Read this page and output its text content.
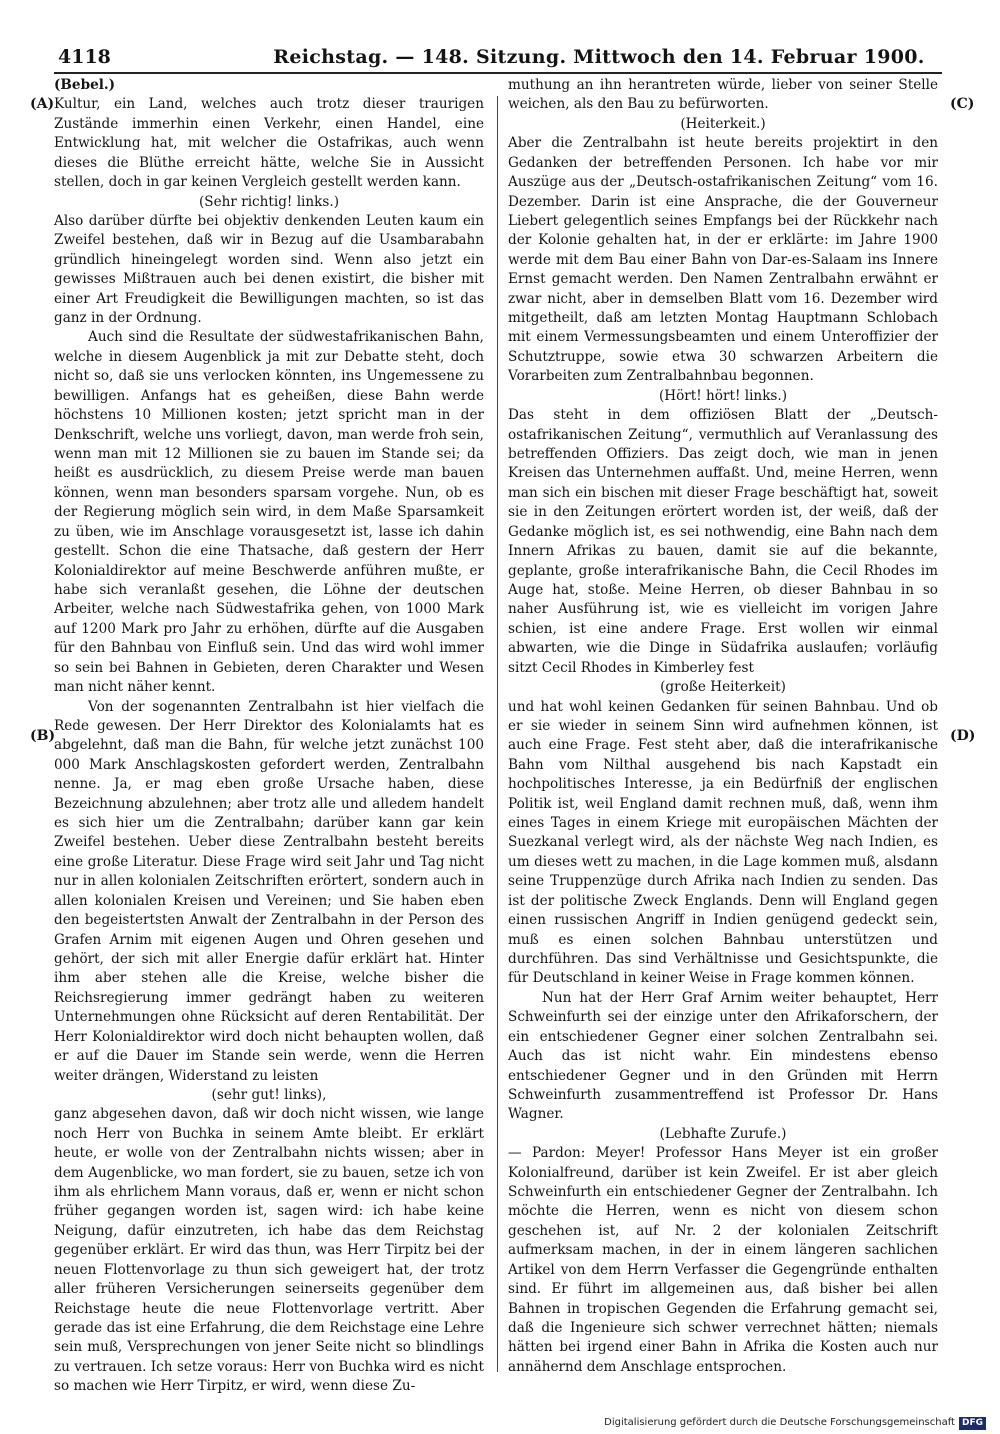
4118	Reichstag. — 148. Sitzung. Mittwoch den 14. Februar 1900.
(A)
(B)
(C)
(D)

(Bebel.)

Kultur, ein Land, welches auch trotz dieser traurigen Zustände immerhin einen Verkehr, einen Handel, eine Entwicklung hat, mit welcher die Ostafrikas, auch wenn dieses die Blüthe erreicht hätte, welche Sie in Aussicht stellen, doch in gar keinen Vergleich gestellt werden kann.

(Sehr richtig! links.)

Also darüber dürfte bei objektiv denkenden Leuten kaum ein Zweifel bestehen, daß wir in Bezug auf die Usambarabahn gründlich hineingelegt worden sind. Wenn also jetzt ein gewisses Mißtrauen auch bei denen existirt, die bisher mit einer Art Freudigkeit die Bewilligungen machten, so ist das ganz in der Ordnung.

Auch sind die Resultate der südwestafrikanischen Bahn, welche in diesem Augenblick ja mit zur Debatte steht, doch nicht so, daß sie uns verlocken könnten, ins Ungemessene zu bewilligen. Anfangs hat es geheißen, diese Bahn werde höchstens 10 Millionen kosten; jetzt spricht man in der Denkschrift, welche uns vorliegt, davon, man werde froh sein, wenn man mit 12 Millionen sie zu bauen im Stande sei; da heißt es ausdrücklich, zu diesem Preise werde man bauen können, wenn man besonders sparsam vorgehe. Nun, ob es der Regierung möglich sein wird, in dem Maße Sparsamkeit zu üben, wie im Anschlage vorausgesetzt ist, lasse ich dahin gestellt. Schon die eine Thatsache, daß gestern der Herr Kolonialdirektor auf meine Beschwerde anführen mußte, er habe sich veranlaßt gesehen, die Löhne der deutschen Arbeiter, welche nach Südwestafrika gehen, von 1000 Mark auf 1200 Mark pro Jahr zu erhöhen, dürfte auf die Ausgaben für den Bahnbau von Einfluß sein. Und das wird wohl immer so sein bei Bahnen in Gebieten, deren Charakter und Wesen man nicht näher kennt.

Von der sogenannten Zentralbahn ist hier vielfach die Rede gewesen. Der Herr Direktor des Kolonialamts hat es abgelehnt, daß man die Bahn, für welche jetzt zunächst 100 000 Mark Anschlagskosten gefordert werden, Zentralbahn nenne. Ja, er mag eben große Ursache haben, diese Bezeichnung abzulehnen; aber trotz alle und alledem handelt es sich hier um die Zentralbahn; darüber kann gar kein Zweifel bestehen. Ueber diese Zentralbahn besteht bereits eine große Literatur. Diese Frage wird seit Jahr und Tag nicht nur in allen kolonialen Zeitschriften erörtert, sondern auch in allen kolonialen Kreisen und Vereinen; und Sie haben eben den begeistertsten Anwalt der Zentralbahn in der Person des Grafen Arnim mit eigenen Augen und Ohren gesehen und gehört, der sich mit aller Energie dafür erklärt hat. Hinter ihm aber stehen alle die Kreise, welche bisher die Reichsregierung immer gedrängt haben zu weiteren Unternehmungen ohne Rücksicht auf deren Rentabilität. Der Herr Kolonialdirektor wird doch nicht behaupten wollen, daß er auf die Dauer im Stande sein werde, wenn die Herren weiter drängen, Widerstand zu leisten

(sehr gut! links),

ganz abgesehen davon, daß wir doch nicht wissen, wie lange noch Herr von Buchka in seinem Amte bleibt. Er erklärt heute, er wolle von der Zentralbahn nichts wissen; aber in dem Augenblicke, wo man fordert, sie zu bauen, setze ich von ihm als ehrlichem Mann voraus, daß er, wenn er nicht schon früher gegangen worden ist, sagen wird: ich habe keine Neigung, dafür einzutreten, ich habe das dem Reichstag gegenüber erklärt. Er wird das thun, was Herr Tirpitz bei der neuen Flottenvorlage zu thun sich geweigert hat, der trotz aller früheren Versicherungen seinerseits gegenüber dem Reichstage heute die neue Flottenvorlage vertritt. Aber gerade das ist eine Erfahrung, die dem Reichstage eine Lehre sein muß, Versprechungen von jener Seite nicht so blindlings zu vertrauen. Ich setze voraus: Herr von Buchka wird es nicht so machen wie Herr Tirpitz, er wird, wenn diese Zu-

muthung an ihn herantreten würde, lieber von seiner Stelle weichen, als den Bau zu befürworten.

(Heiterkeit.)

Aber die Zentralbahn ist heute bereits projektirt in den Gedanken der betreffenden Personen. Ich habe vor mir Auszüge aus der „Deutsch-ostafrikanischen Zeitung“ vom 16. Dezember. Darin ist eine Ansprache, die der Gouverneur Liebert gelegentlich seines Empfangs bei der Rückkehr nach der Kolonie gehalten hat, in der er erklärte: im Jahre 1900 werde mit dem Bau einer Bahn von Dar-es-Salaam ins Innere Ernst gemacht werden. Den Namen Zentralbahn erwähnt er zwar nicht, aber in demselben Blatt vom 16. Dezember wird mitgetheilt, daß am letzten Montag Hauptmann Schlobach mit einem Vermessungsbeamten und einem Unteroffizier der Schutztruppe, sowie etwa 30 schwarzen Arbeitern die Vorarbeiten zum Zentralbahnbau begonnen.

(Hört! hört! links.)

Das steht in dem offiziösen Blatt der „Deutsch-ostafrikanischen Zeitung“, vermuthlich auf Veranlassung des betreffenden Offiziers. Das zeigt doch, wie man in jenen Kreisen das Unternehmen auffaßt. Und, meine Herren, wenn man sich ein bischen mit dieser Frage beschäftigt hat, soweit sie in den Zeitungen erörtert worden ist, der weiß, daß der Gedanke möglich ist, es sei nothwendig, eine Bahn nach dem Innern Afrikas zu bauen, damit sie auf die bekannte, geplante, große interafrikanische Bahn, die Cecil Rhodes im Auge hat, stoße. Meine Herren, ob dieser Bahnbau in so naher Ausführung ist, wie es vielleicht im vorigen Jahre schien, ist eine andere Frage. Erst wollen wir einmal abwarten, wie die Dinge in Südafrika auslaufen; vorläufig sitzt Cecil Rhodes in Kimberley fest

(große Heiterkeit)

und hat wohl keinen Gedanken für seinen Bahnbau. Und ob er sie wieder in seinem Sinn wird aufnehmen können, ist auch eine Frage. Fest steht aber, daß die interafrikanische Bahn vom Nilthal ausgehend bis nach Kapstadt ein hochpolitisches Interesse, ja ein Bedürfniß der englischen Politik ist, weil England damit rechnen muß, daß, wenn ihm eines Tages in einem Kriege mit europäischen Mächten der Suezkanal verlegt wird, als der nächste Weg nach Indien, es um dieses wett zu machen, in die Lage kommen muß, alsdann seine Truppenzüge durch Afrika nach Indien zu senden. Das ist der politische Zweck Englands. Denn will England gegen einen russischen Angriff in Indien genügend gedeckt sein, muß es einen solchen Bahnbau unterstützen und durchführen. Das sind Verhältnisse und Gesichtspunkte, die für Deutschland in keiner Weise in Frage kommen können.

Nun hat der Herr Graf Arnim weiter behauptet, Herr Schweinfurth sei der einzige unter den Afrikaforschern, der ein entschiedener Gegner einer solchen Zentralbahn sei. Auch das ist nicht wahr. Ein mindestens ebenso entschiedener Gegner und in den Gründen mit Herrn Schweinfurth zusammentreffend ist Professor Dr. Hans Wagner.

(Lebhafte Zurufe.)

— Pardon: Meyer! Professor Hans Meyer ist ein großer Kolonialfreund, darüber ist kein Zweifel. Er ist aber gleich Schweinfurth ein entschiedener Gegner der Zentralbahn. Ich möchte die Herren, wenn es nicht von diesem schon geschehen ist, auf Nr. 2 der kolonialen Zeitschrift aufmerksam machen, in der in einem längeren sachlichen Artikel von dem Herrn Verfasser die Gegengründe enthalten sind. Er führt im allgemeinen aus, daß bisher bei allen Bahnen in tropischen Gegenden die Erfahrung gemacht sei, daß die Ingenieure sich schwer verrechnet hätten; niemals hätten bei irgend einer Bahn in Afrika die Kosten auch nur annähernd dem Anschlage entsprochen.

Digitalisierung gefördert durch die Deutsche Forschungsgemeinschaft DFG
